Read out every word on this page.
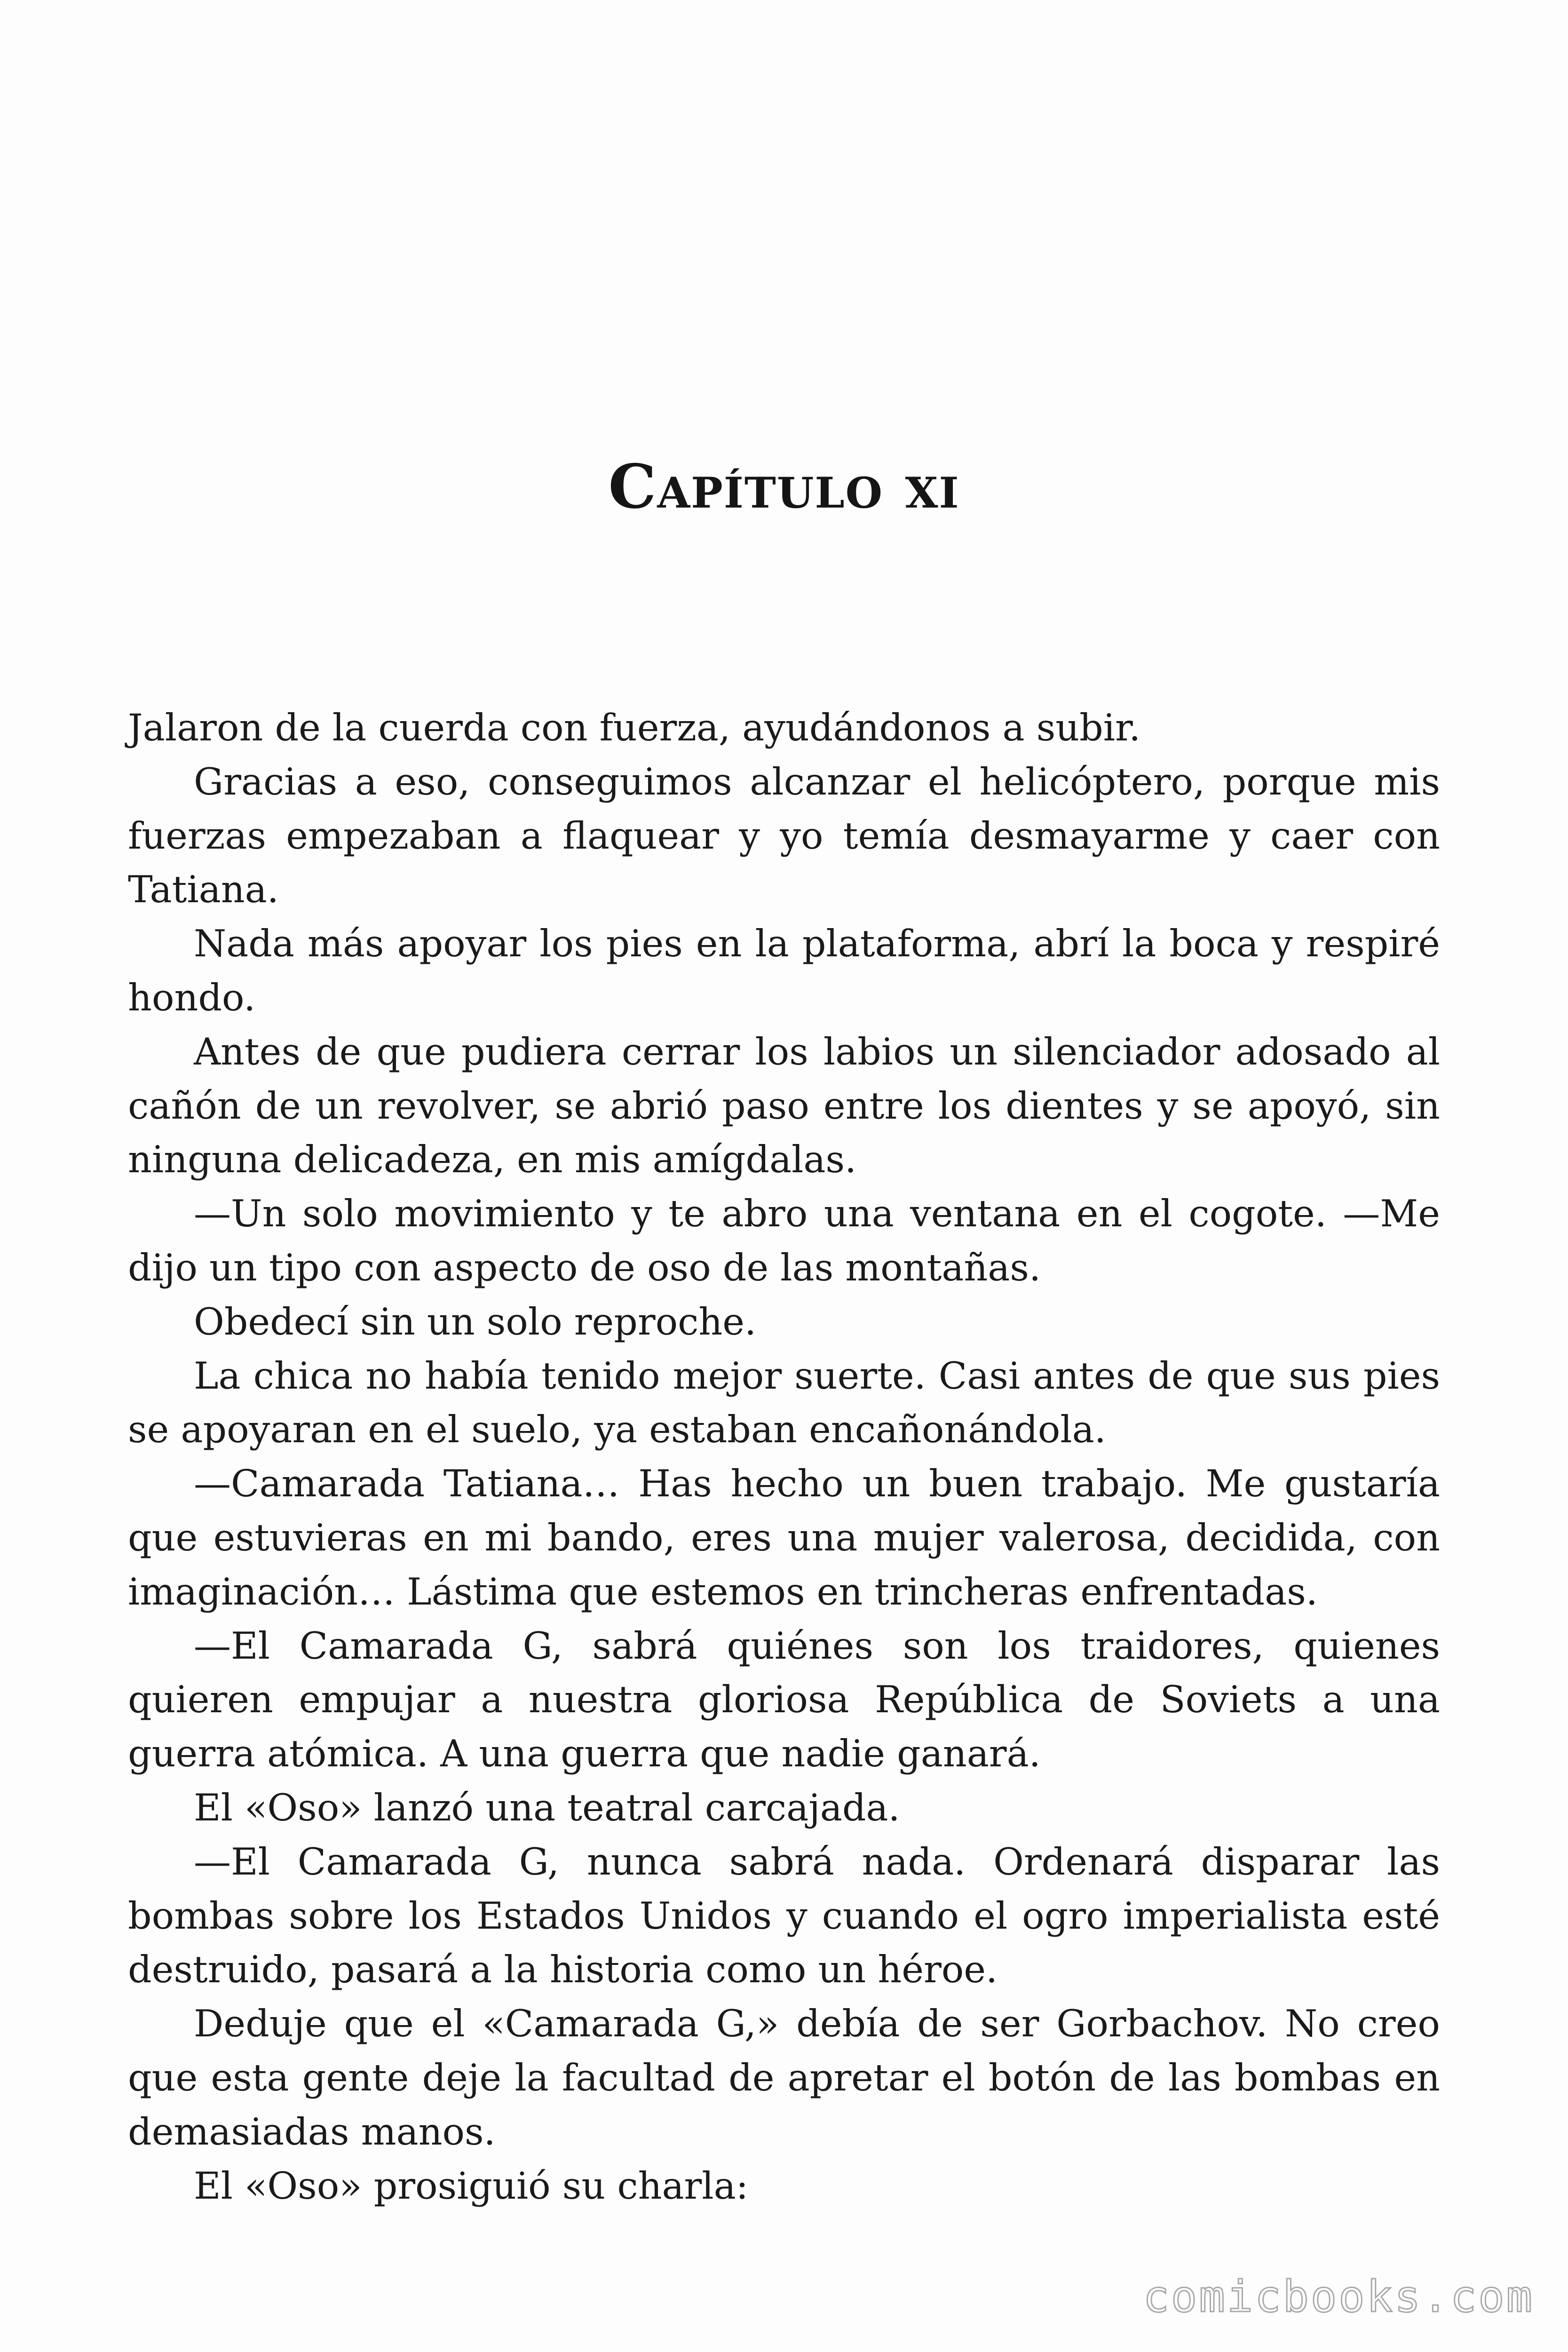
Capítulo xi

Jalaron de la cuerda con fuerza, ayudándonos a subir.

Gracias a eso, conseguimos alcanzar el helicóptero, porque mis fuerzas empezaban a flaquear y yo temía desmayarme y caer con Tatiana.

Nada más apoyar los pies en la plataforma, abrí la boca y respiré hondo.

Antes de que pudiera cerrar los labios un silenciador adosado al cañón de un revolver, se abrió paso entre los dientes y se apoyó, sin ninguna delicadeza, en mis amígdalas.

—Un solo movimiento y te abro una ventana en el cogote. —Me dijo un tipo con aspecto de oso de las montañas.

Obedecí sin un solo reproche.

La chica no había tenido mejor suerte. Casi antes de que sus pies se apoyaran en el suelo, ya estaban encañonándola.

—Camarada Tatiana… Has hecho un buen trabajo. Me gustaría que estuvieras en mi bando, eres una mujer valerosa, decidida, con imaginación… Lástima que estemos en trincheras enfrentadas.

—El Camarada G, sabrá quiénes son los traidores, quienes quieren empujar a nuestra gloriosa República de Soviets a una guerra atómica. A una guerra que nadie ganará.

El «Oso» lanzó una teatral carcajada.

—El Camarada G, nunca sabrá nada. Ordenará disparar las bombas sobre los Estados Unidos y cuando el ogro imperialista esté destruido, pasará a la historia como un héroe.

Deduje que el «Camarada G,» debía de ser Gorbachov. No creo que esta gente deje la facultad de apretar el botón de las bombas en demasiadas manos.

El «Oso» prosiguió su charla:

comicbooks.com
